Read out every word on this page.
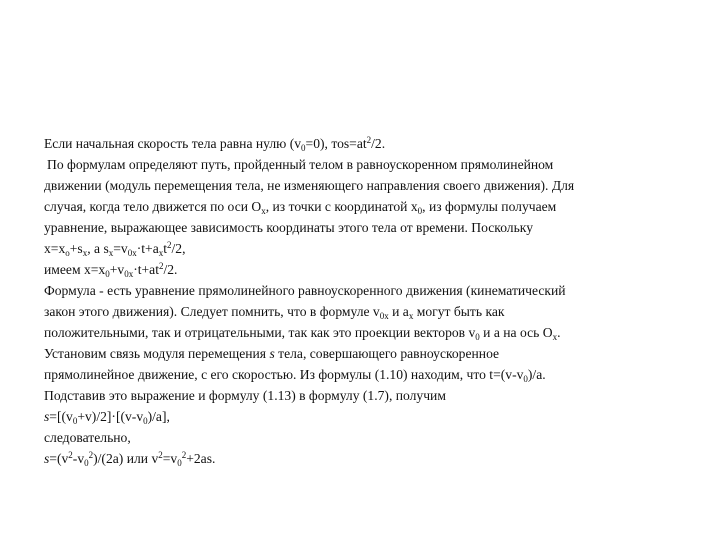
Если начальная скорость тела равна нулю $(v_0=0)$, $тоs=at^2/2$.
По формулам определяют путь, пройденный телом в равноускоренном прямолинейном
движении (модуль перемещения тела, не изменяющего направления своего движения). Для
случая, когда тело движется по оси $O_x$, из точки с координатой $x_0$, из формулы получаем
уравнение, выражающее зависимость координаты этого тела от времени. Поскольку
$x=x_o+s_x$, а $s_x=v_{0x}\cdot t+a_xt^2/2$,
имеем $x=x_0+v_{0x}\cdot t+at^2/2$.
Формула - есть уравнение прямолинейного равноускоренного движения (кинематический
закон этого движения). Следует помнить, что в формуле $v_{0x}$ и $a_x$ могут быть как
положительными, так и отрицательными, так как это проекции векторов $v_0$ и а на ось $O_x$.
Установим связь модуля перемещения s тела, совершающего равноускоренное
прямолинейное движение, с его скоростью. Из формулы (1.10) находим, что $t=(v-v_0)/a$.
Подставив это выражение и формулу (1.13) в формулу (1.7), получим
$s=[(v_0+v)/2]\cdot[(v-v_0)/a]$,
следовательно,
$s=(v^2-v_0^2)/(2a)$ или $v^2=v_0^2+2as$.
